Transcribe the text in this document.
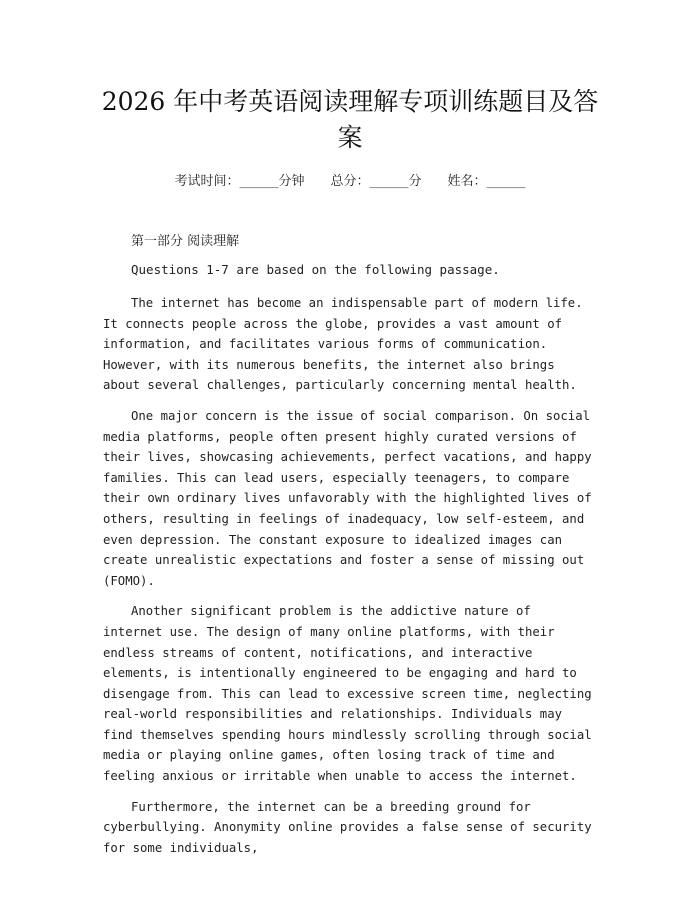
2026 年中考英语阅读理解专项训练题目及答案
考试时间：______分钟 总分：______分 姓名：______
第一部分 阅读理解
Questions 1-7 are based on the following passage.

The internet has become an indispensable part of modern life. It connects people across the globe, provides a vast amount of information, and facilitates various forms of communication. However, with its numerous benefits, the internet also brings about several challenges, particularly concerning mental health.

One major concern is the issue of social comparison. On social media platforms, people often present highly curated versions of their lives, showcasing achievements, perfect vacations, and happy families. This can lead users, especially teenagers, to compare their own ordinary lives unfavorably with the highlighted lives of others, resulting in feelings of inadequacy, low self-esteem, and even depression. The constant exposure to idealized images can create unrealistic expectations and foster a sense of missing out (FOMO).

Another significant problem is the addictive nature of internet use. The design of many online platforms, with their endless streams of content, notifications, and interactive elements, is intentionally engineered to be engaging and hard to disengage from. This can lead to excessive screen time, neglecting real-world responsibilities and relationships. Individuals may find themselves spending hours mindlessly scrolling through social media or playing online games, often losing track of time and feeling anxious or irritable when unable to access the internet.

Furthermore, the internet can be a breeding ground for cyberbullying. Anonymity online provides a false sense of security for some individuals,
